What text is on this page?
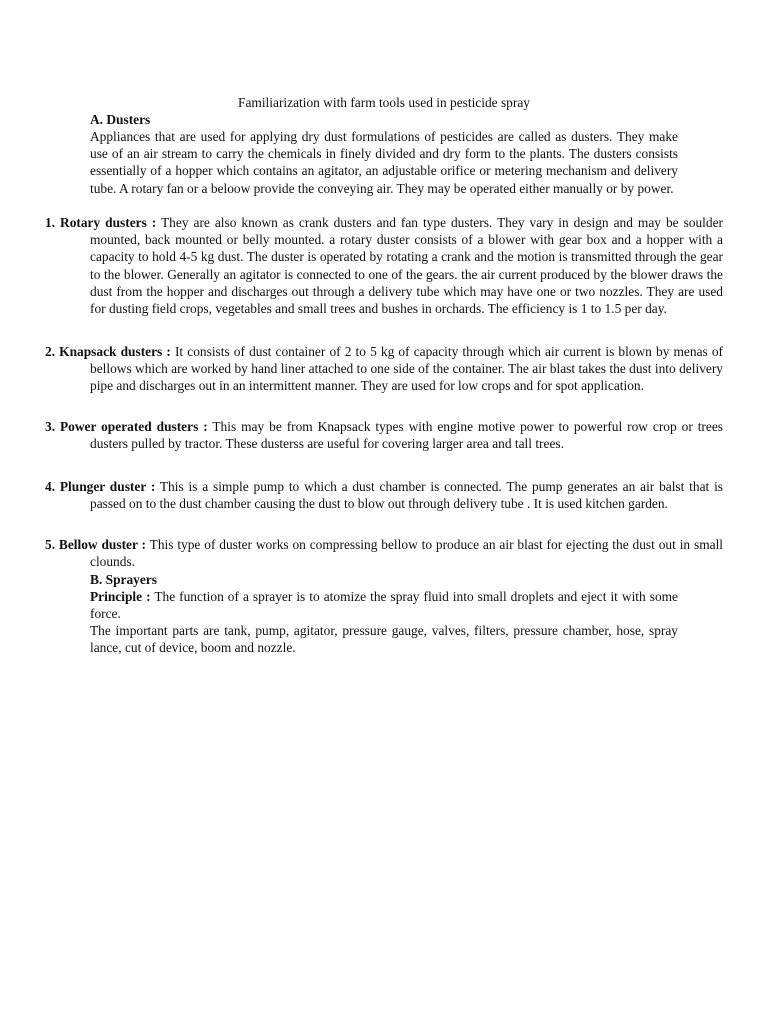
Familiarization with farm tools used in pesticide spray
A. Dusters

Appliances that are used for applying dry dust formulations of pesticides are called as dusters. They make use of an air stream to carry the chemicals in finely divided and dry form to the plants. The dusters consists essentially of a hopper which contains an agitator, an adjustable orifice or metering mechanism and delivery tube. A rotary fan or a beloow provide the conveying air. They may be operated either manually or by power.

1. Rotary dusters : They are also known as crank dusters and fan type dusters. They vary in design and may be soulder mounted, back mounted or belly mounted. a rotary duster consists of a blower with gear box and a hopper with a capacity to hold 4-5 kg dust. The duster is operated by rotating a crank and the motion is transmitted through the gear to the blower. Generally an agitator is connected to one of the gears. the air current produced by the blower draws the dust from the hopper and discharges out through a delivery tube which may have one or two nozzles. They are used for dusting field crops, vegetables and small trees and bushes in orchards. The efficiency is 1 to 1.5 per day.

2. Knapsack dusters : It consists of dust container of 2 to 5 kg of capacity through which air current is blown by menas of bellows which are worked by hand liner attached to one side of the container. The air blast takes the dust into delivery pipe and discharges out in an intermittent manner. They are used for low crops and for spot application.

3. Power operated dusters : This may be from Knapsack types with engine motive power to powerful row crop or trees dusters pulled by tractor. These dusterss are useful for covering larger area and tall trees.

4. Plunger duster : This is a simple pump to which a dust chamber is connected. The pump generates an air balst that is passed on to the dust chamber causing the dust to blow out through delivery tube . It is used kitchen garden.

5. Bellow duster : This type of duster works on compressing bellow to produce an air blast for ejecting the dust out in small clounds.

B. Sprayers

Principle : The function of a sprayer is to atomize the spray fluid into small droplets and eject it with some force.

The important parts are tank, pump, agitator, pressure gauge, valves, filters, pressure chamber, hose, spray lance, cut of device, boom and nozzle.
